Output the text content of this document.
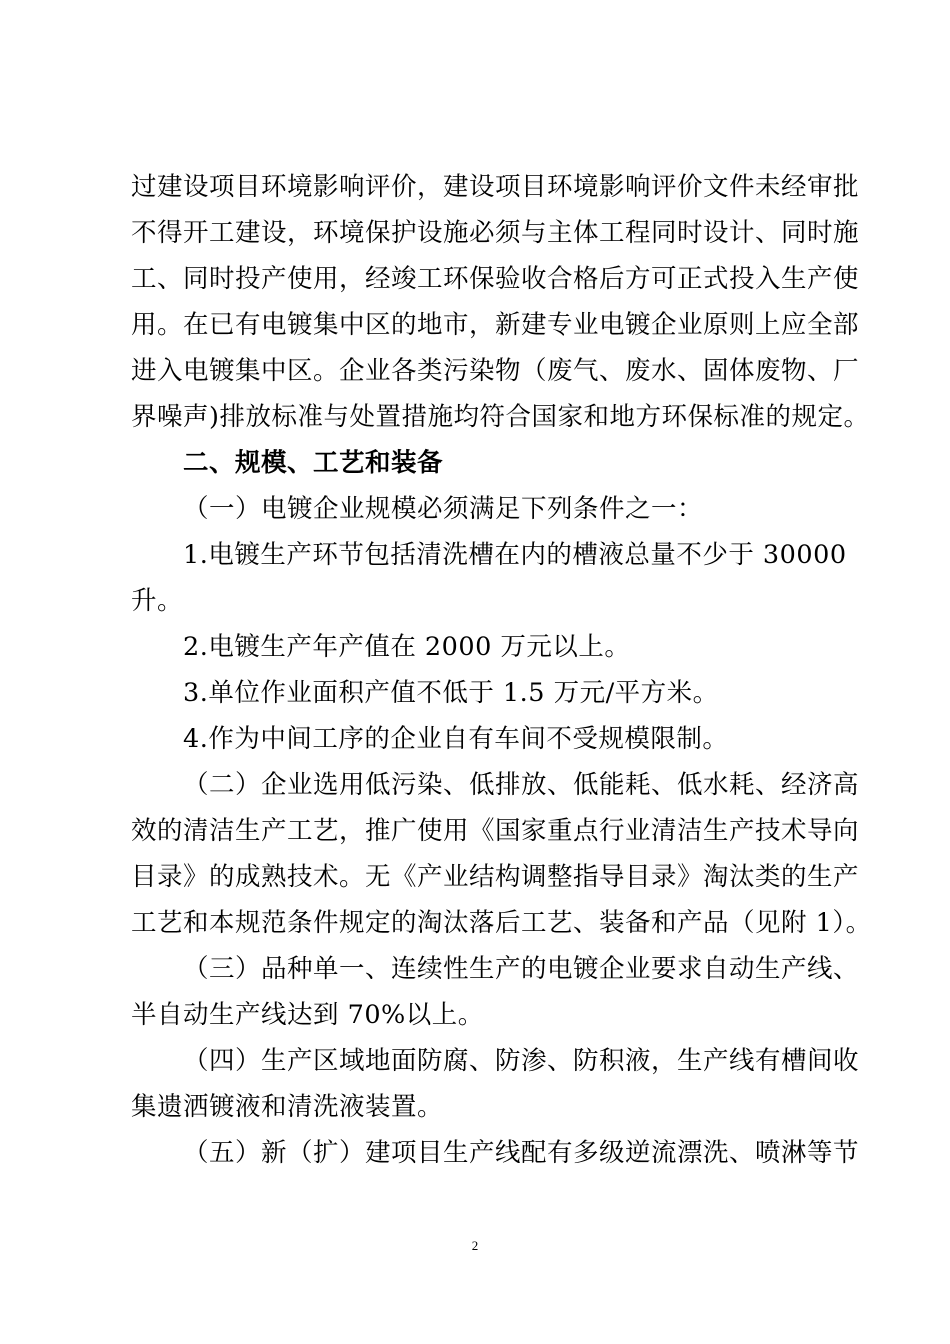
过建设项目环境影响评价，建设项目环境影响评价文件未经审批
不得开工建设，环境保护设施必须与主体工程同时设计、同时施
工、同时投产使用，经竣工环保验收合格后方可正式投入生产使
用。在已有电镀集中区的地市，新建专业电镀企业原则上应全部
进入电镀集中区。企业各类污染物（废气、废水、固体废物、厂
界噪声)排放标准与处置措施均符合国家和地方环保标准的规定。
二、规模、工艺和装备
（一）电镀企业规模必须满足下列条件之一：
1.电镀生产环节包括清洗槽在内的槽液总量不少于 30000
升。
2.电镀生产年产值在 2000 万元以上。
3.单位作业面积产值不低于 1.5 万元/平方米。
4.作为中间工序的企业自有车间不受规模限制。
（二）企业选用低污染、低排放、低能耗、低水耗、经济高
效的清洁生产工艺，推广使用《国家重点行业清洁生产技术导向
目录》的成熟技术。无《产业结构调整指导目录》淘汰类的生产
工艺和本规范条件规定的淘汰落后工艺、装备和产品（见附 1）。
（三）品种单一、连续性生产的电镀企业要求自动生产线、
半自动生产线达到 70%以上。
（四）生产区域地面防腐、防渗、防积液，生产线有槽间收
集遗洒镀液和清洗液装置。
（五）新（扩）建项目生产线配有多级逆流漂洗、喷淋等节
2
